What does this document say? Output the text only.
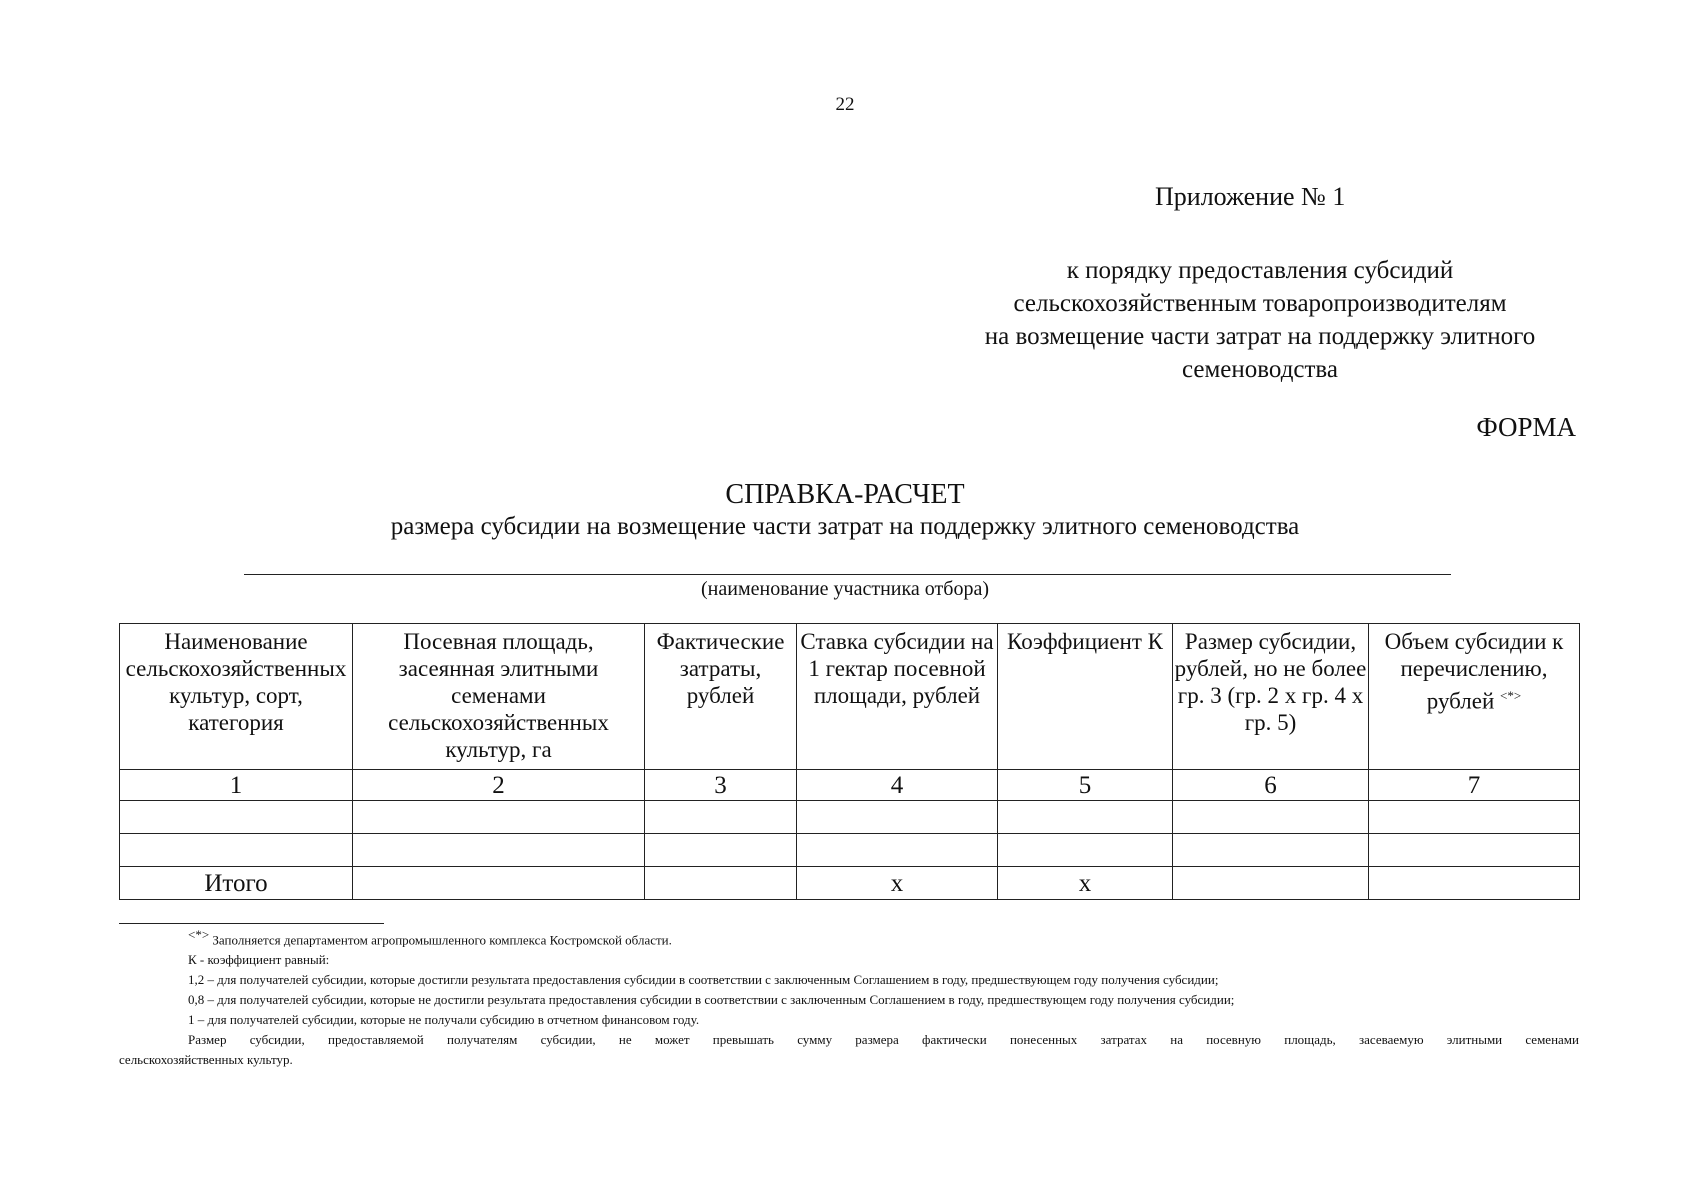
22
Приложение № 1
к порядку предоставления субсидий
сельскохозяйственным товаропроизводителям
на возмещение части затрат на поддержку элитного
семеноводства
ФОРМА
СПРАВКА-РАСЧЕТ
размера субсидии на возмещение части затрат на поддержку элитного семеноводства
(наименование участника отбора)
Наименование сельскохозяйственных культур, сорт, категория	Посевная площадь, засеянная элитными семенами сельскохозяйственных культур, га	Фактические затраты, рублей	Ставка субсидии на 1 гектар посевной площади, рублей	Коэффициент К	Размер субсидии, рублей, но не более гр. 3 (гр. 2 х гр. 4 х гр. 5)	Объем субсидии к перечислению, рублей <*>
1	2	3	4	5	6	7

Итого			х	х		
<*> Заполняется департаментом агропромышленного комплекса Костромской области.
К - коэффициент равный:
1,2 – для получателей субсидии, которые достигли результата предоставления субсидии в соответствии с заключенным Соглашением в году, предшествующем году получения субсидии;
0,8 – для получателей субсидии, которые не достигли результата предоставления субсидии в соответствии с заключенным Соглашением в году, предшествующем году получения субсидии;
1 – для получателей субсидии, которые не получали субсидию в отчетном финансовом году.
Размер субсидии, предоставляемой получателям субсидии, не может превышать сумму размера фактически понесенных затратах на посевную площадь, засеваемую элитными семенами
сельскохозяйственных культур.
